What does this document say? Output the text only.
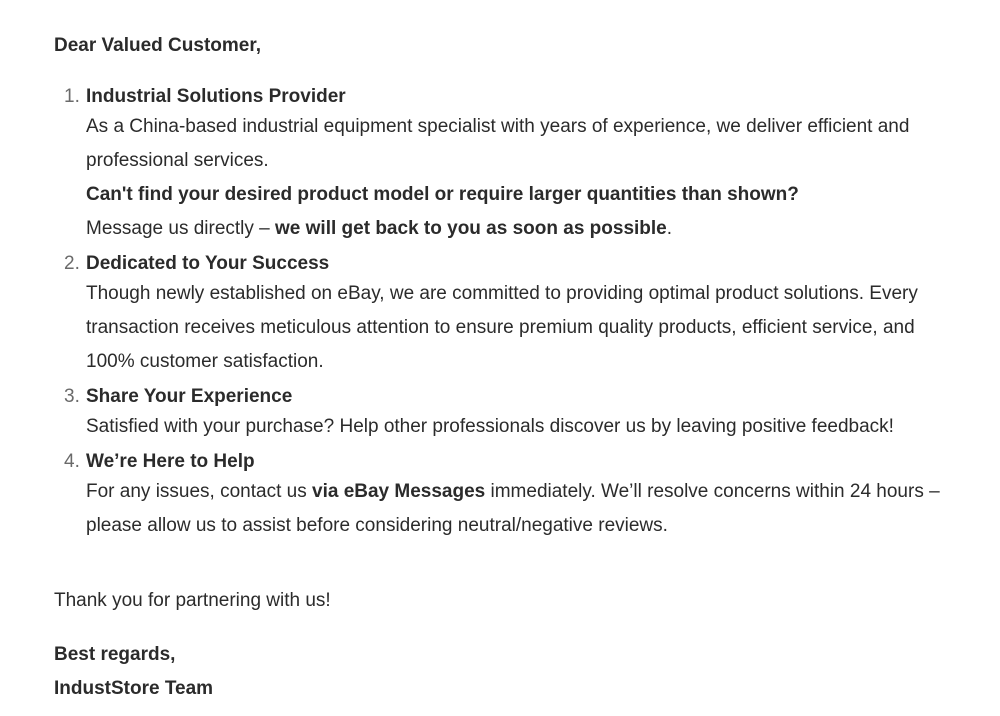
Dear Valued Customer,

1. Industrial Solutions Provider
As a China-based industrial equipment specialist with years of experience, we deliver efficient and professional services.
Can't find your desired product model or require larger quantities than shown?
Message us directly – we will get back to you as soon as possible.
2. Dedicated to Your Success
Though newly established on eBay, we are committed to providing optimal product solutions. Every transaction receives meticulous attention to ensure premium quality products, efficient service, and 100% customer satisfaction.
3. Share Your Experience
Satisfied with your purchase? Help other professionals discover us by leaving positive feedback!
4. We’re Here to Help
For any issues, contact us via eBay Messages immediately. We’ll resolve concerns within 24 hours – please allow us to assist before considering neutral/negative reviews.

Thank you for partnering with us!

Best regards,
IndustStore Team
